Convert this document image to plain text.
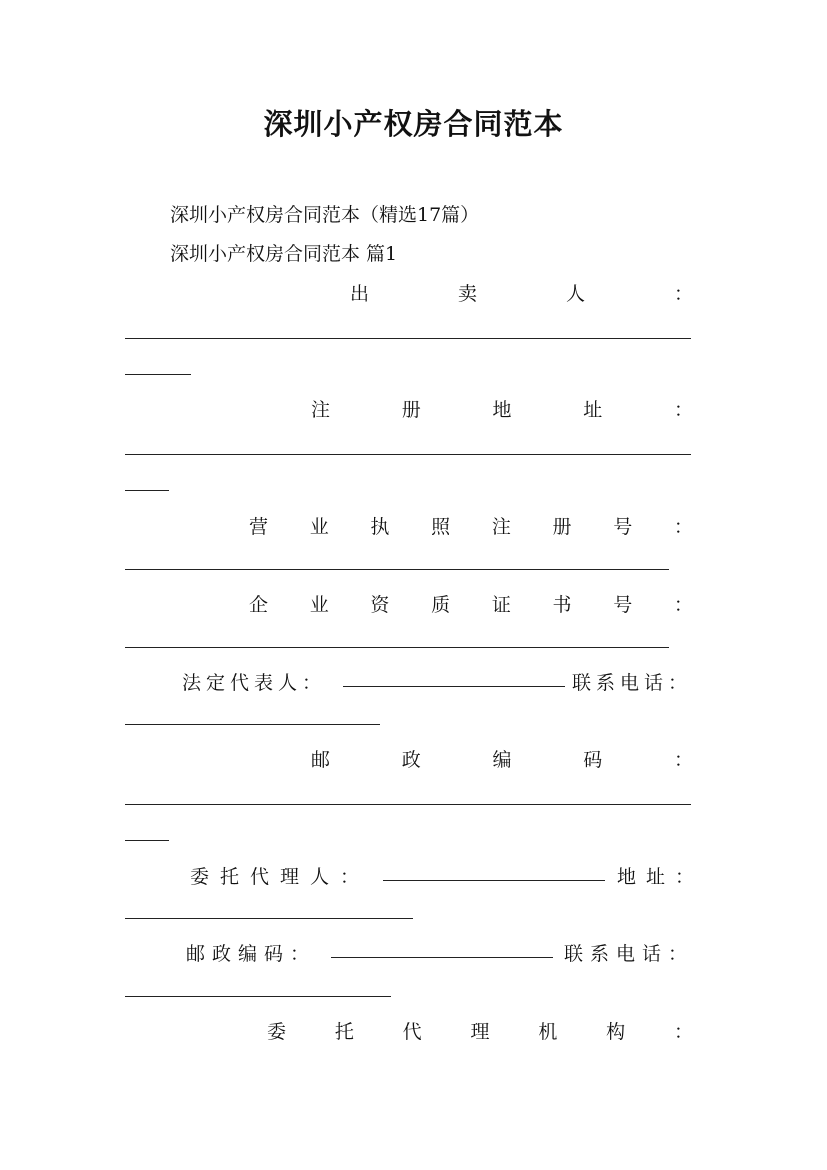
深圳小产权房合同范本
深圳小产权房合同范本（精选17篇）
深圳小产权房合同范本 篇1
出	卖	人	：
注	册	地	址	：
营 业 执 照 注 册 号 ：
企 业 资 质 证 书 号 ：
法定代表人：	联系电话：
邮	政	编	码	：
委托代理人：	地址：
邮政编码：	联系电话：
委	托	代	理	机	构	：
